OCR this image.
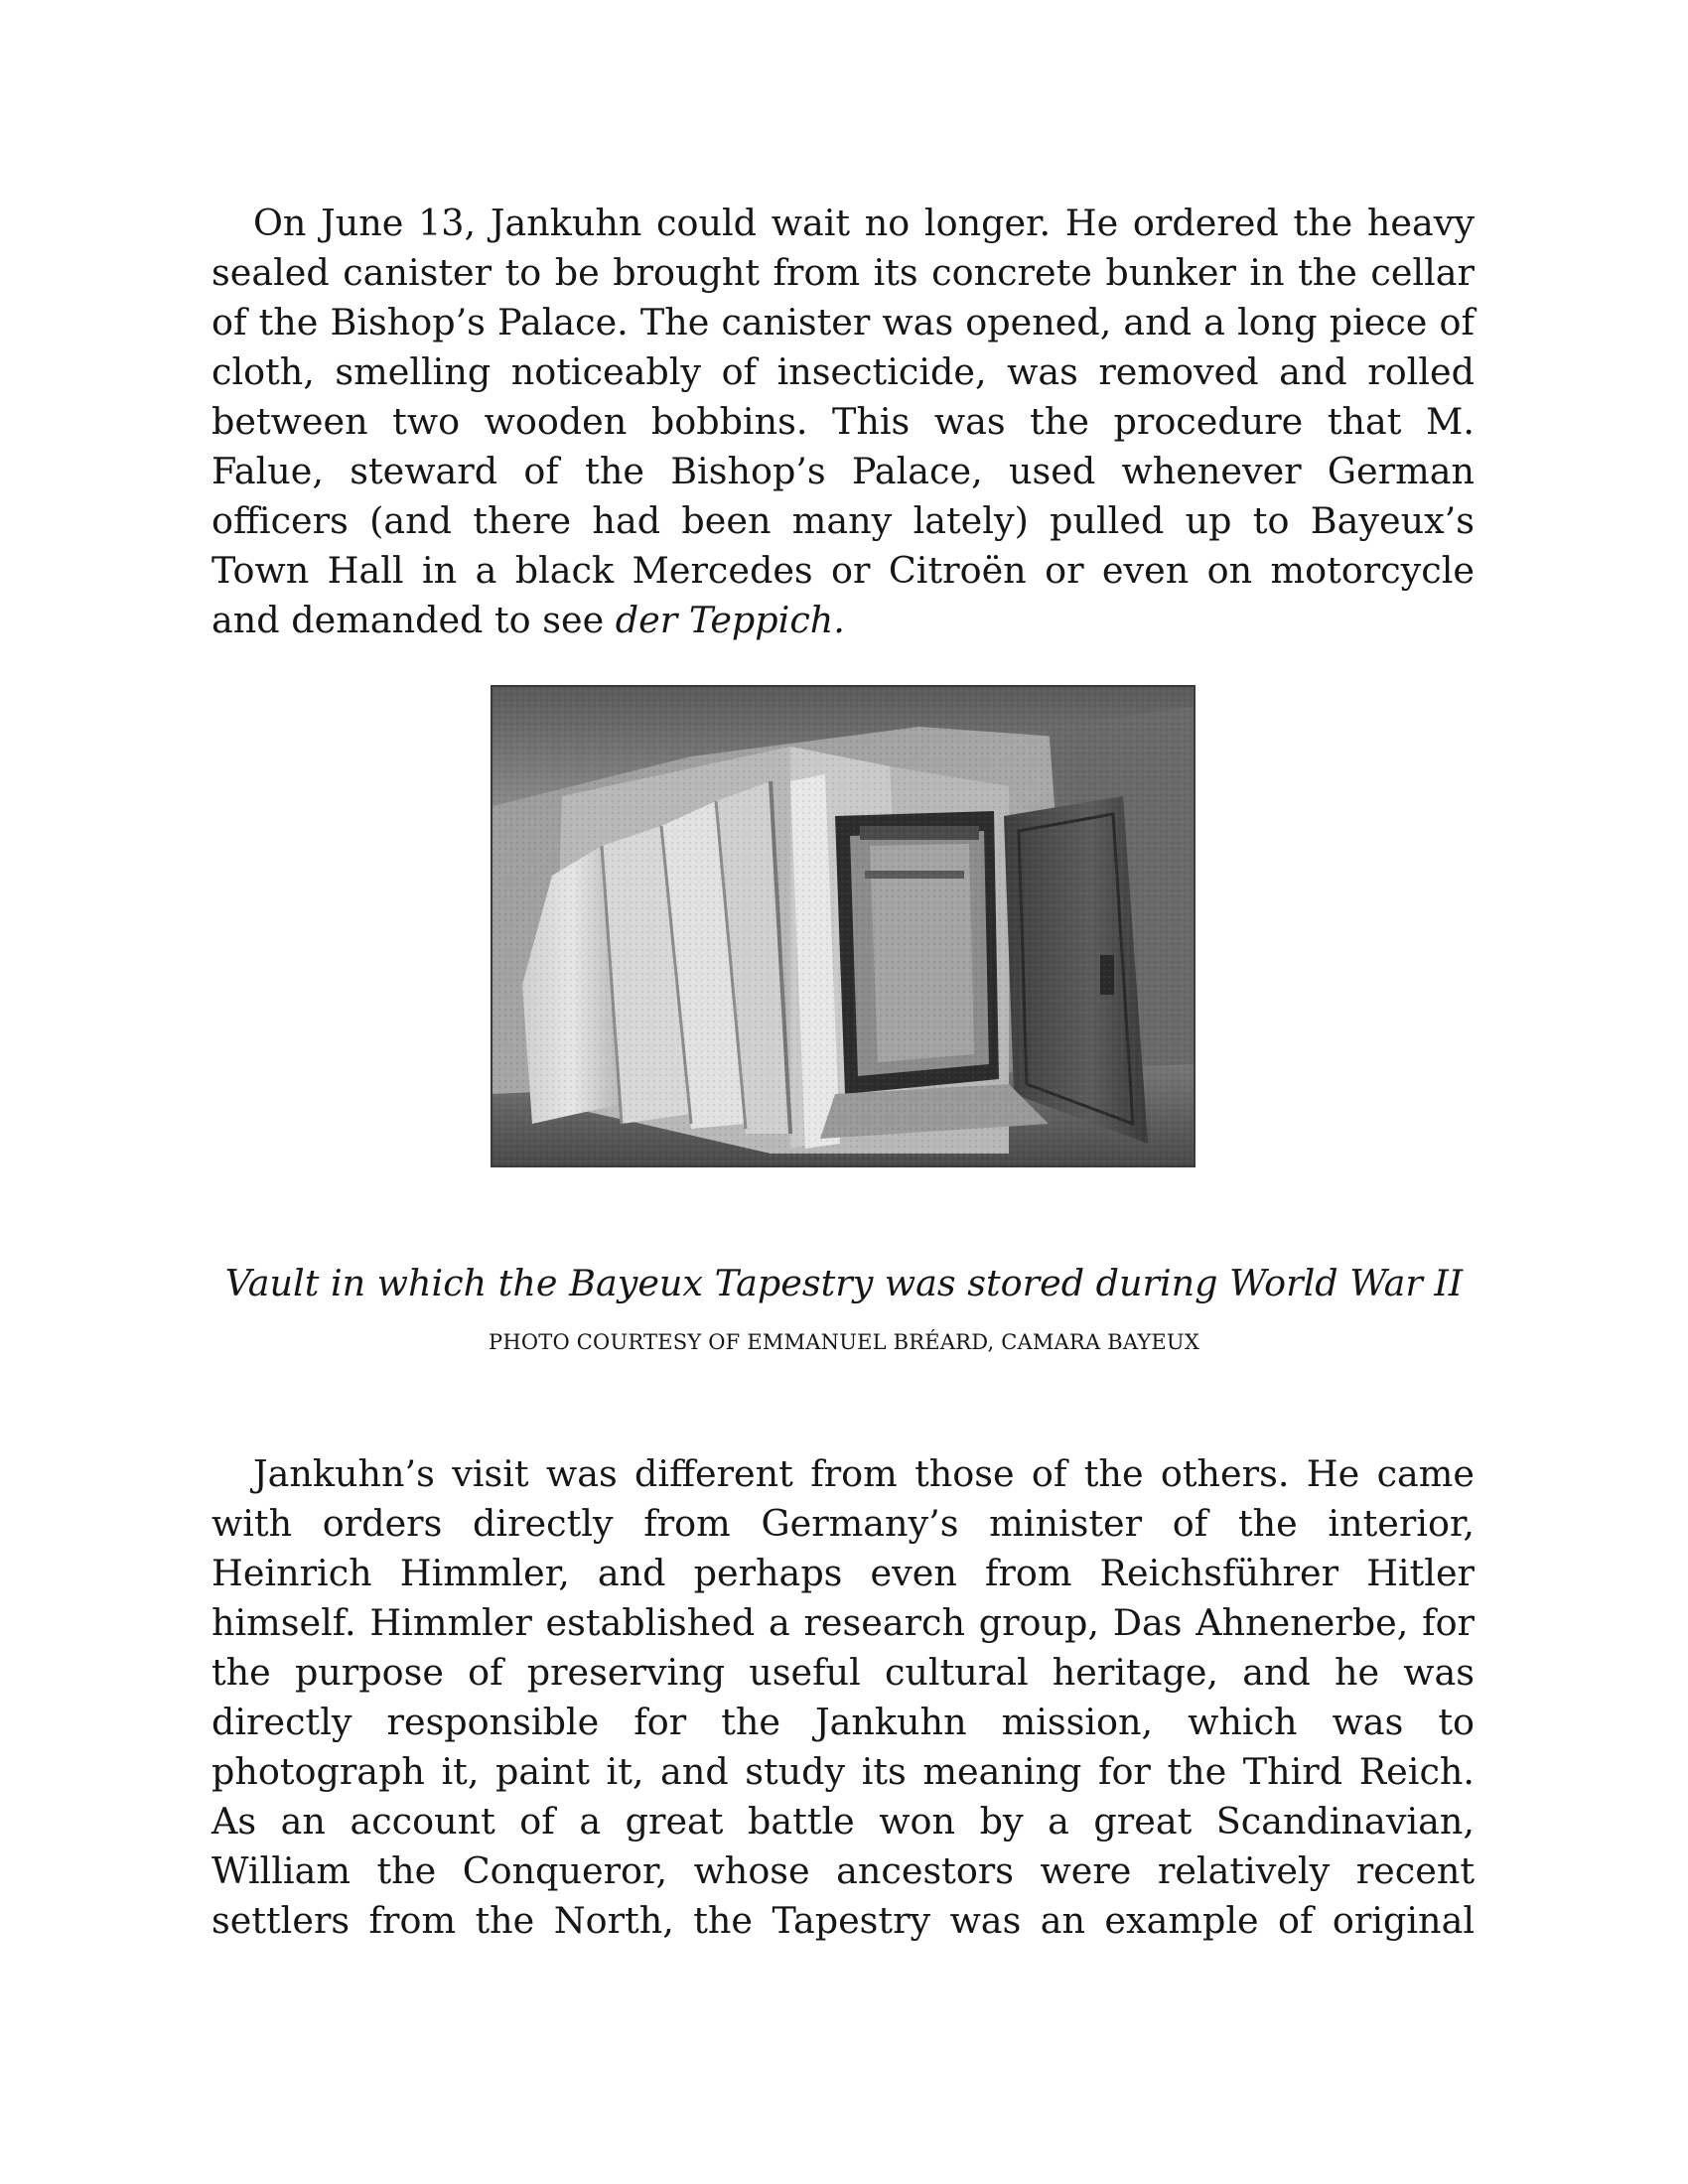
On June 13, Jankuhn could wait no longer. He ordered the heavy
sealed canister to be brought from its concrete bunker in the cellar
of the Bishop’s Palace. The canister was opened, and a long piece of
cloth, smelling noticeably of insecticide, was removed and rolled
between two wooden bobbins. This was the procedure that M.
Falue, steward of the Bishop’s Palace, used whenever German
officers (and there had been many lately) pulled up to Bayeux’s
Town Hall in a black Mercedes or Citroën or even on motorcycle
and demanded to see der Teppich.

Vault in which the Bayeux Tapestry was stored during World War II

PHOTO COURTESY OF EMMANUEL BRÉARD, CAMARA BAYEUX

Jankuhn’s visit was different from those of the others. He came
with orders directly from Germany’s minister of the interior,
Heinrich Himmler, and perhaps even from Reichsführer Hitler
himself. Himmler established a research group, Das Ahnenerbe, for
the purpose of preserving useful cultural heritage, and he was
directly responsible for the Jankuhn mission, which was to
photograph it, paint it, and study its meaning for the Third Reich.
As an account of a great battle won by a great Scandinavian,
William the Conqueror, whose ancestors were relatively recent
settlers from the North, the Tapestry was an example of original
